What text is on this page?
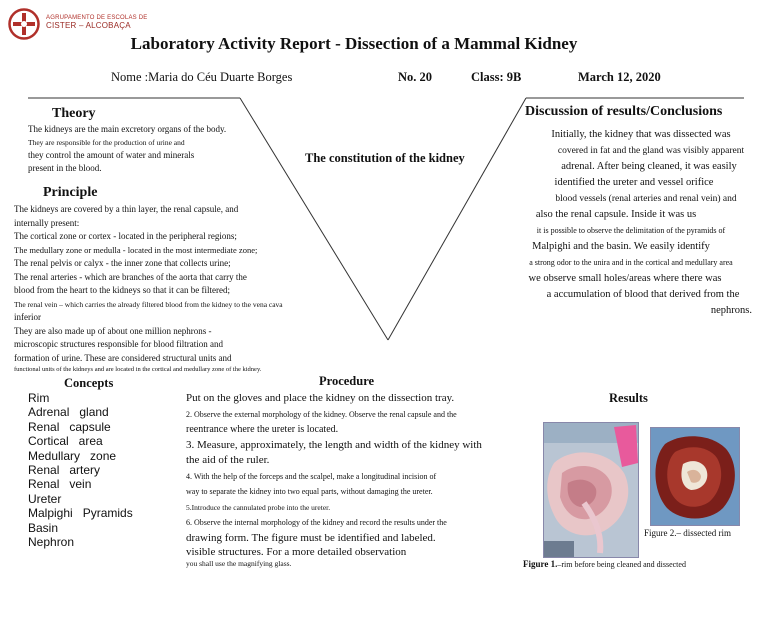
AGRUPAMENTO DE ESCOLAS DE
CISTER – ALCOBAÇA
Laboratory Activity Report - Dissection of a Mammal Kidney
Nome :Maria do Céu Duarte Borges	No. 20	Class: 9B	March 12, 2020
Theory
The kidneys are the main excretory organs of the body.
They are responsible for the production of urine and
they control the amount of water and minerals
present in the blood.
The constitution of the kidney
Principle
The kidneys are covered by a thin layer, the renal capsule, and
internally present:
The cortical zone or cortex - located in the peripheral regions;
The medullary zone or medulla - located in the most intermediate zone;
The renal pelvis or calyx - the inner zone that collects urine;
The renal arteries - which are branches of the aorta that carry the
blood from the heart to the kidneys so that it can be filtered;
The renal vein – which carries the already filtered blood from the kidney to the vena cava
inferior
They are also made up of about one million nephrons -
microscopic structures responsible for blood filtration and
formation of urine. These are considered structural units and
functional units of the kidneys and are located in the cortical and medullary zone of the kidney.
Discussion of results/Conclusions
Initially, the kidney that was dissected was
covered in fat and the gland was visibly apparent
adrenal. After being cleaned, it was easily
identified the ureter and vessel orifice
blood vessels (renal arteries and renal vein) and
also the renal capsule. Inside it was us
it is possible to observe the delimitation of the pyramids of
Malpighi and the basin. We easily identify
a strong odor to the unira and in the cortical and medullary area
we observe small holes/areas where there was
a accumulation of blood that derived from the
nephrons.
Concepts
Rim
Adrenal   gland
Renal   capsule
Cortical   area
Medullary   zone
Renal   artery
Renal   vein
Ureter
Malpighi   Pyramids
Basin
Nephron
Procedure
Put on the gloves and place the kidney on the dissection tray.
2. Observe the external morphology of the kidney. Observe the renal capsule and the
reentrance where the ureter is located.
3. Measure, approximately, the length and width of the kidney with
the aid of the ruler.
4. With the help of the forceps and the scalpel, make a longitudinal incision of
way to separate the kidney into two equal parts, without damaging the ureter.
5.Introduce the cannulated probe into the ureter.
6. Observe the internal morphology of the kidney and record the results under the
drawing form. The figure must be identified and labeled.
visible structures. For a more detailed observation
you shall use the magnifying glass.
Results
Figure 2.– dissected rim
Figure 1.–rim before being cleaned and dissected
